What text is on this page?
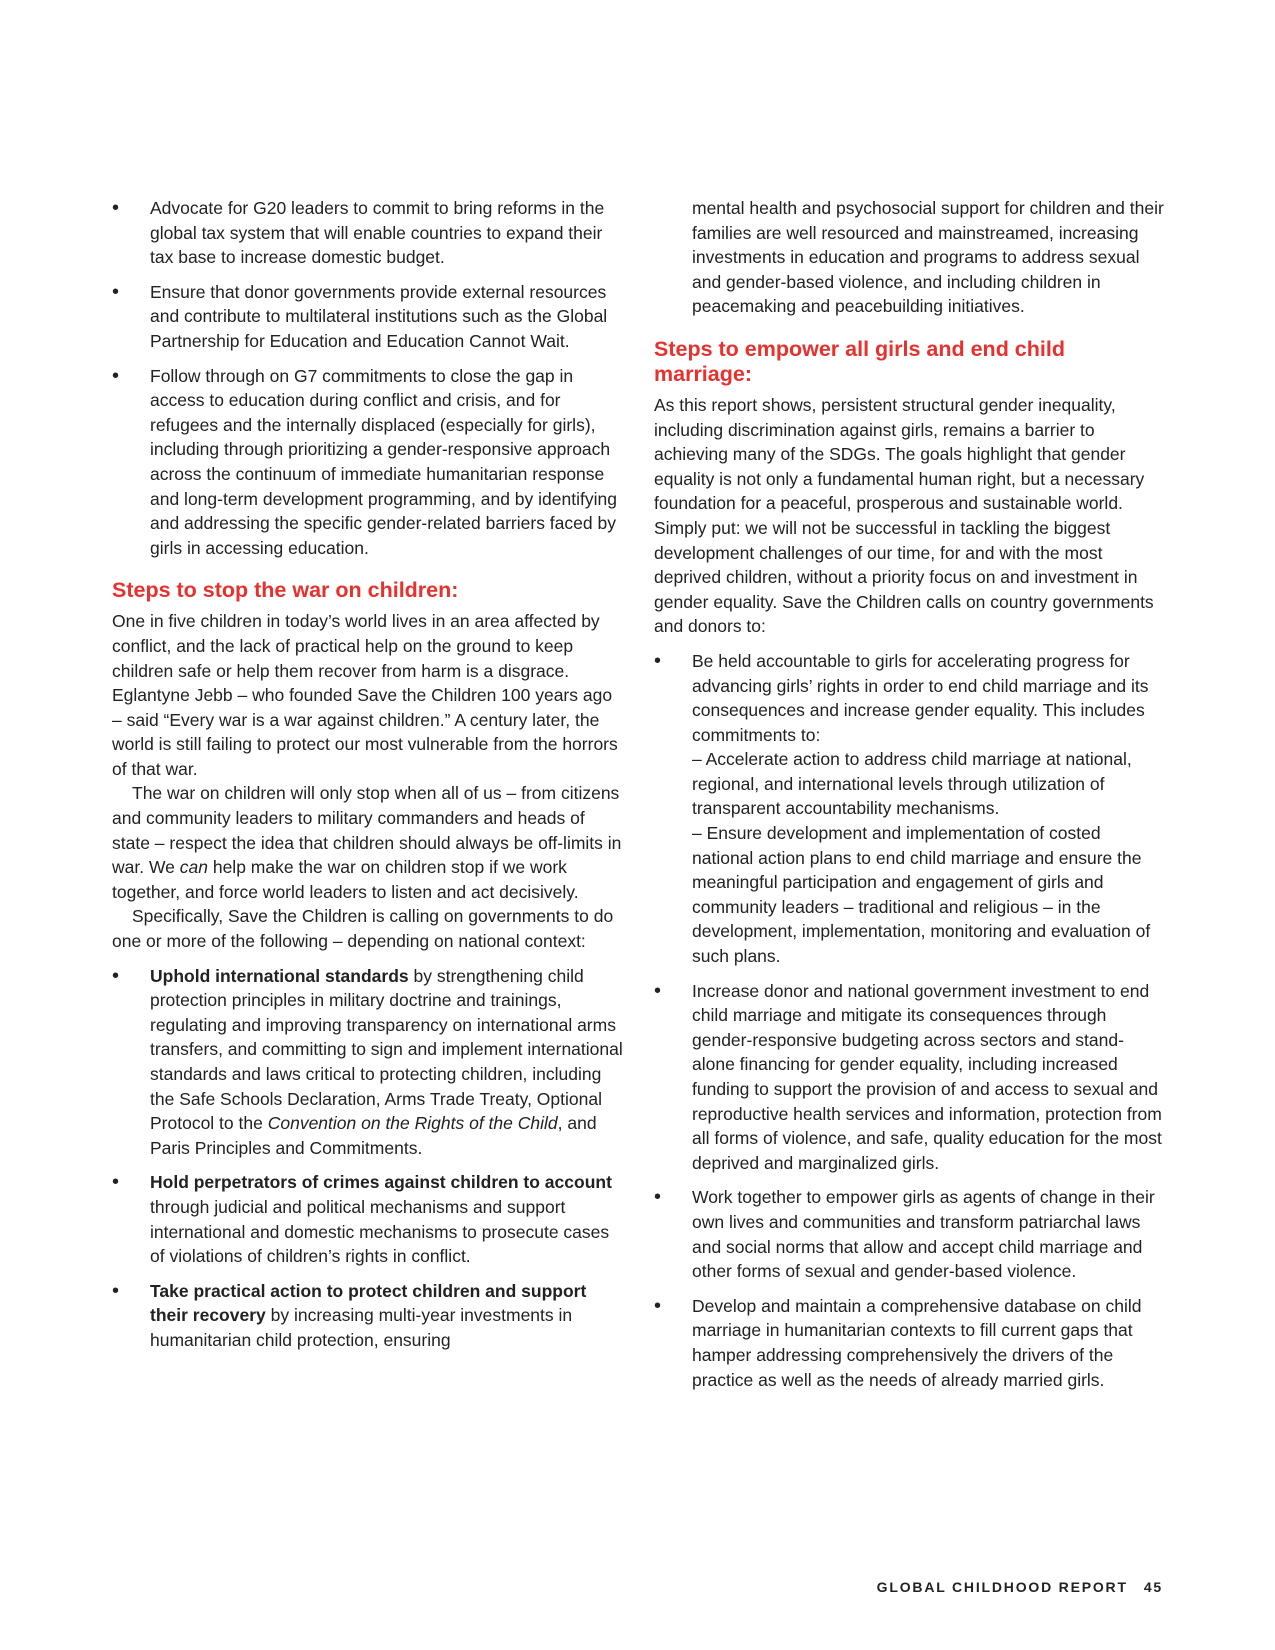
• Advocate for G20 leaders to commit to bring reforms in the global tax system that will enable countries to expand their tax base to increase domestic budget.
• Ensure that donor governments provide external resources and contribute to multilateral institutions such as the Global Partnership for Education and Education Cannot Wait.
• Follow through on G7 commitments to close the gap in access to education during conflict and crisis, and for refugees and the internally displaced (especially for girls), including through prioritizing a gender-responsive approach across the continuum of immediate humanitarian response and long-term development programming, and by identifying and addressing the specific gender-related barriers faced by girls in accessing education.
Steps to stop the war on children:

One in five children in today’s world lives in an area affected by conflict, and the lack of practical help on the ground to keep children safe or help them recover from harm is a disgrace. Eglantyne Jebb – who founded Save the Children 100 years ago – said “Every war is a war against children.” A century later, the world is still failing to protect our most vulnerable from the horrors of that war.

The war on children will only stop when all of us – from citizens and community leaders to military commanders and heads of state – respect the idea that children should always be off-limits in war. We can help make the war on children stop if we work together, and force world leaders to listen and act decisively.

Specifically, Save the Children is calling on governments to do one or more of the following – depending on national context:

• Uphold international standards by strengthening child protection principles in military doctrine and trainings, regulating and improving transparency on international arms transfers, and committing to sign and implement international standards and laws critical to protecting children, including the Safe Schools Declaration, Arms Trade Treaty, Optional Protocol to the Convention on the Rights of the Child, and Paris Principles and Commitments.
• Hold perpetrators of crimes against children to account through judicial and political mechanisms and support international and domestic mechanisms to prosecute cases of violations of children’s rights in conflict.
• Take practical action to protect children and support their recovery by increasing multi-year investments in humanitarian child protection, ensuring
mental health and psychosocial support for children and their families are well resourced and mainstreamed, increasing investments in education and programs to address sexual and gender-based violence, and including children in peacemaking and peacebuilding initiatives.
Steps to empower all girls and end child marriage:

As this report shows, persistent structural gender inequality, including discrimination against girls, remains a barrier to achieving many of the SDGs. The goals highlight that gender equality is not only a fundamental human right, but a necessary foundation for a peaceful, prosperous and sustainable world. Simply put: we will not be successful in tackling the biggest development challenges of our time, for and with the most deprived children, without a priority focus on and investment in gender equality. Save the Children calls on country governments and donors to:

• Be held accountable to girls for accelerating progress for advancing girls’ rights in order to end child marriage and its consequences and increase gender equality. This includes commitments to:
– Accelerate action to address child marriage at national, regional, and international levels through utilization of transparent accountability mechanisms.
– Ensure development and implementation of costed national action plans to end child marriage and ensure the meaningful participation and engagement of girls and community leaders – traditional and religious – in the development, implementation, monitoring and evaluation of such plans.
• Increase donor and national government investment to end child marriage and mitigate its consequences through gender-responsive budgeting across sectors and stand-alone financing for gender equality, including increased funding to support the provision of and access to sexual and reproductive health services and information, protection from all forms of violence, and safe, quality education for the most deprived and marginalized girls.
• Work together to empower girls as agents of change in their own lives and communities and transform patriarchal laws and social norms that allow and accept child marriage and other forms of sexual and gender-based violence.
• Develop and maintain a comprehensive database on child marriage in humanitarian contexts to fill current gaps that hamper addressing comprehensively the drivers of the practice as well as the needs of already married girls.
GLOBAL CHILDHOOD REPORT 45
